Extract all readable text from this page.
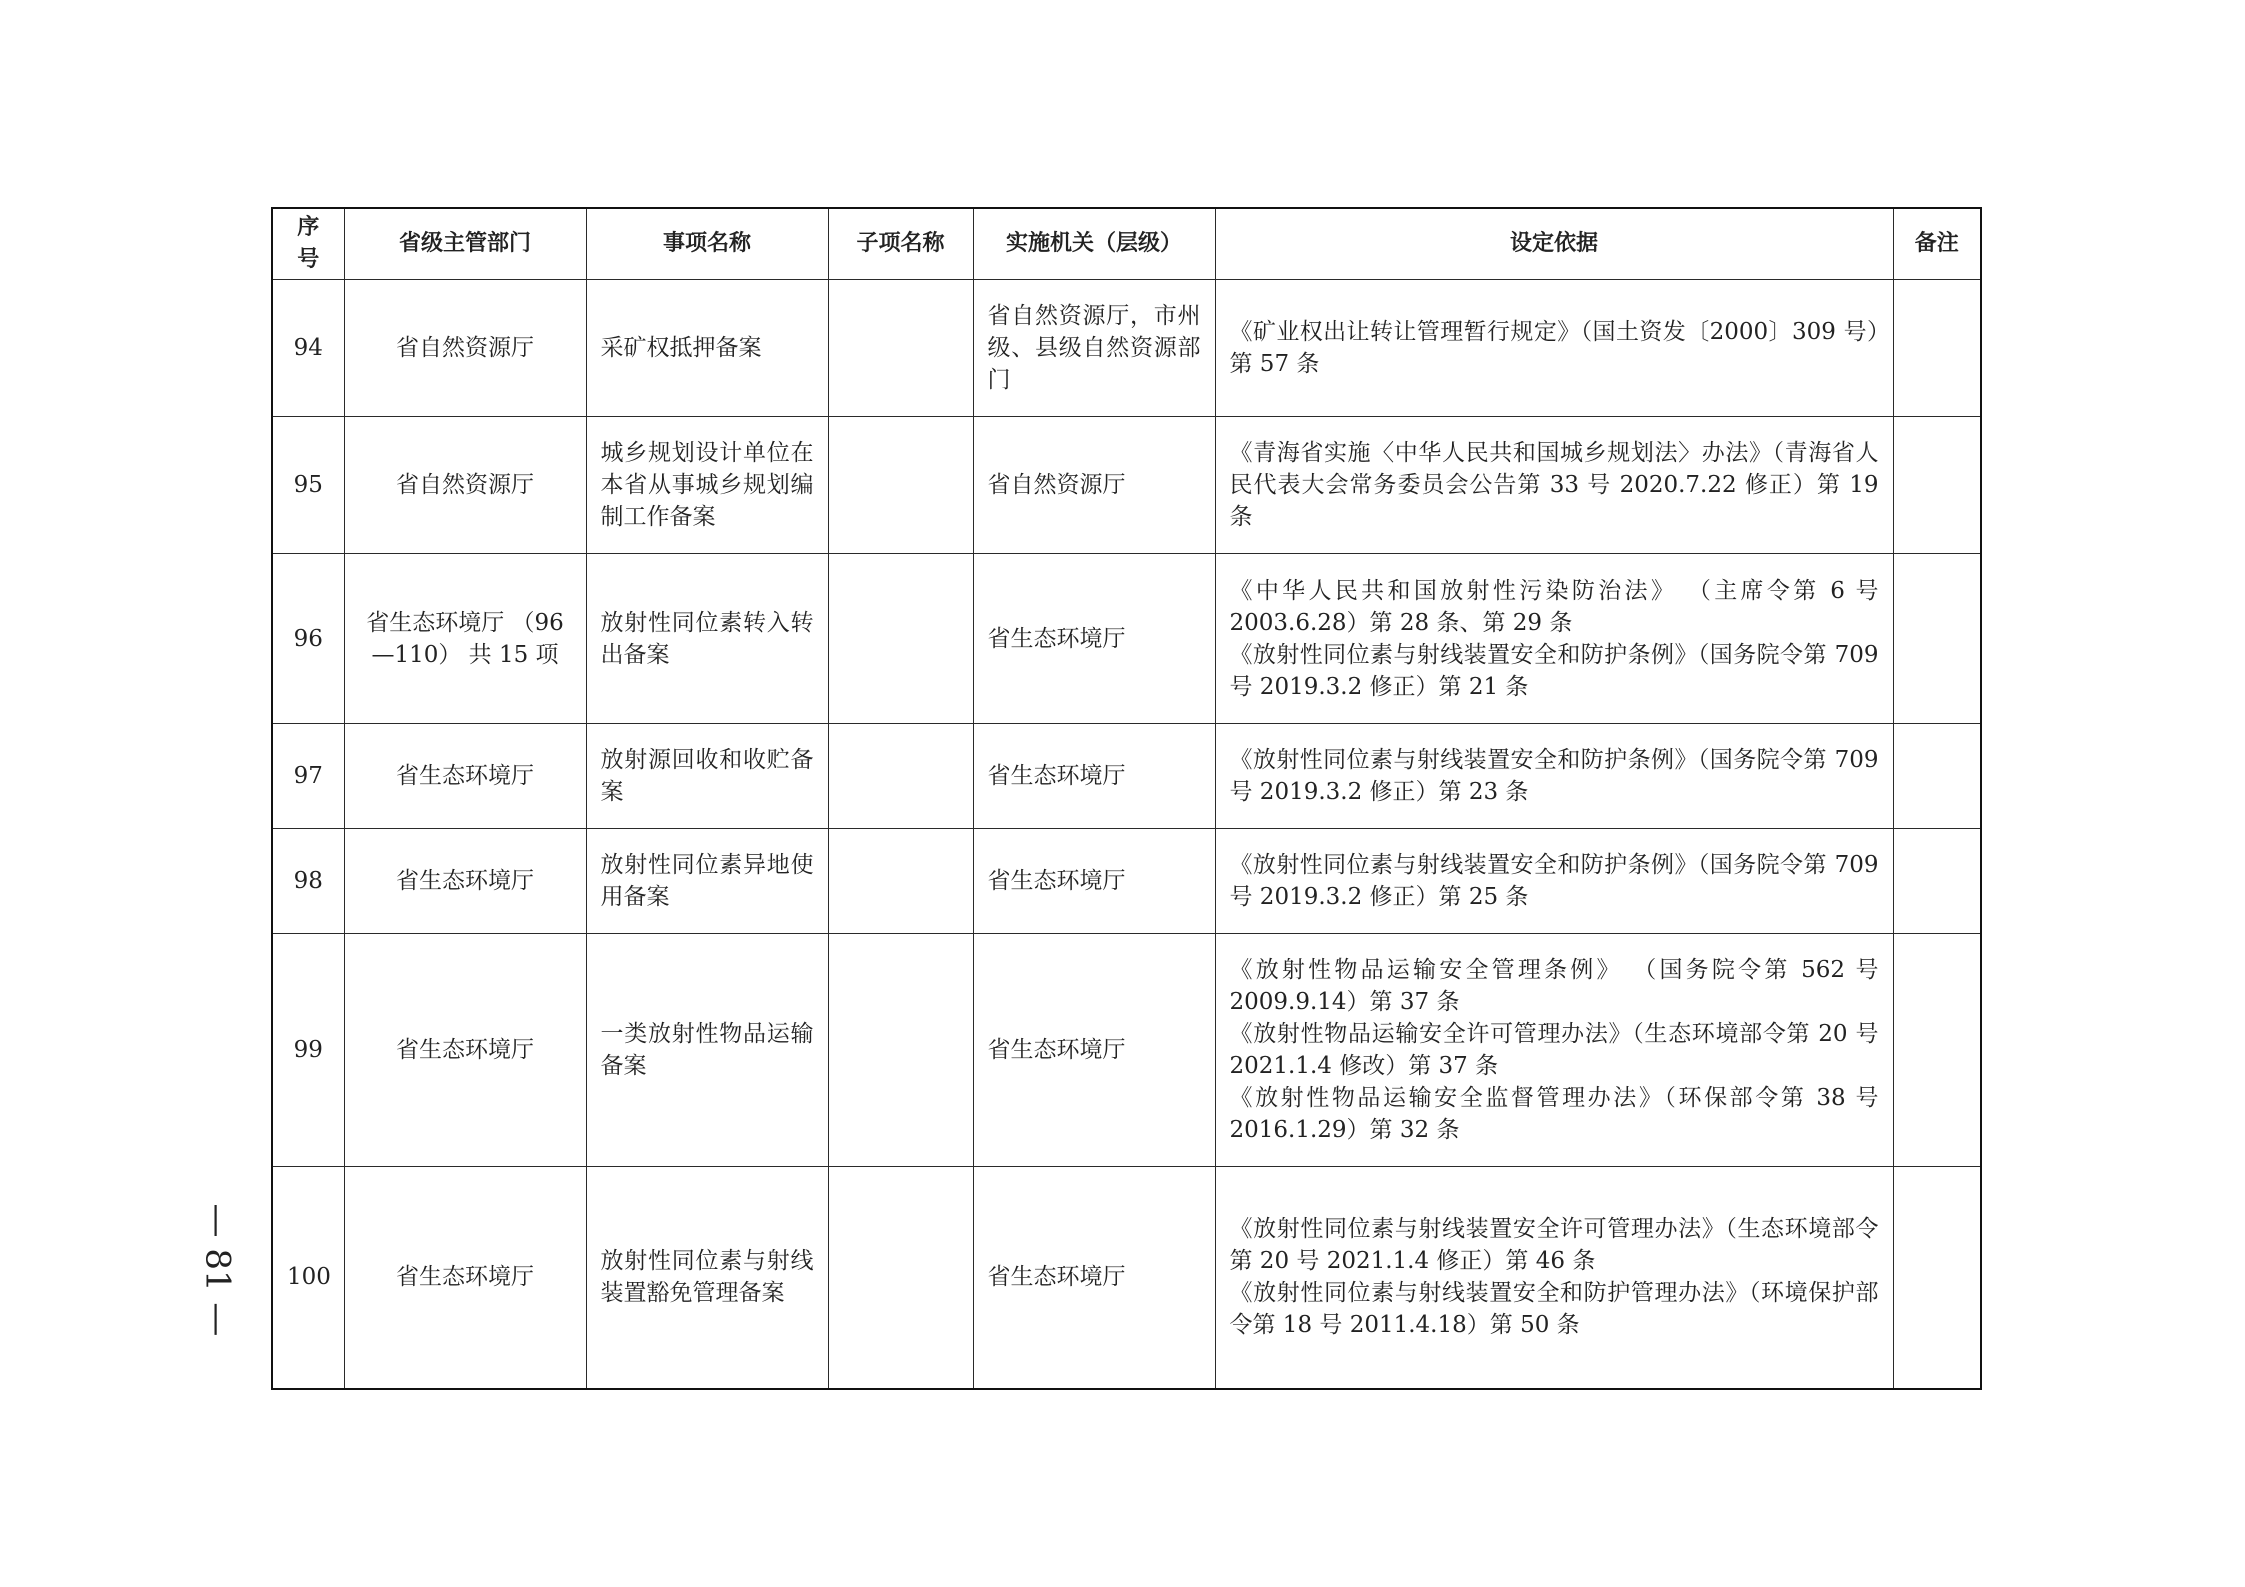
序号	省级主管部门	事项名称	子项名称	实施机关（层级）	设定依据	备注
94	省自然资源厅	采矿权抵押备案		省自然资源厅，市州级、县级自然资源部门	《矿业权出让转让管理暂行规定》（国土资发〔2000〕309 号）第 57 条	

95	省自然资源厅	城乡规划设计单位在本省从事城乡规划编制工作备案		省自然资源厅	《青海省实施〈中华人民共和国城乡规划法〉办法》（青海省人民代表大会常务委员会公告第 33 号 2020.7.22 修正）第 19 条	

96	省生态环境厅 （96—110） 共 15 项	放射性同位素转入转出备案		省生态环境厅	《中华人民共和国放射性污染防治法》 （主席令第 6 号 2003.6.28）第 28 条、第 29 条
《放射性同位素与射线装置安全和防护条例》（国务院令第 709 号 2019.3.2 修正）第 21 条	

97	省生态环境厅	放射源回收和收贮备案		省生态环境厅	《放射性同位素与射线装置安全和防护条例》（国务院令第 709 号 2019.3.2 修正）第 23 条	

98	省生态环境厅	放射性同位素异地使用备案		省生态环境厅	《放射性同位素与射线装置安全和防护条例》（国务院令第 709 号 2019.3.2 修正）第 25 条	

99	省生态环境厅	一类放射性物品运输备案		省生态环境厅	《放射性物品运输安全管理条例》 （国务院令第 562 号 2009.9.14）第 37 条
《放射性物品运输安全许可管理办法》（生态环境部令第 20 号 2021.1.4 修改）第 37 条
《放射性物品运输安全监督管理办法》（环保部令第 38 号 2016.1.29）第 32 条	

100	省生态环境厅	放射性同位素与射线装置豁免管理备案		省生态环境厅	《放射性同位素与射线装置安全许可管理办法》（生态环境部令第 20 号 2021.1.4 修正）第 46 条
《放射性同位素与射线装置安全和防护管理办法》（环境保护部令第 18 号 2011.4.18）第 50 条	

— 81 —
